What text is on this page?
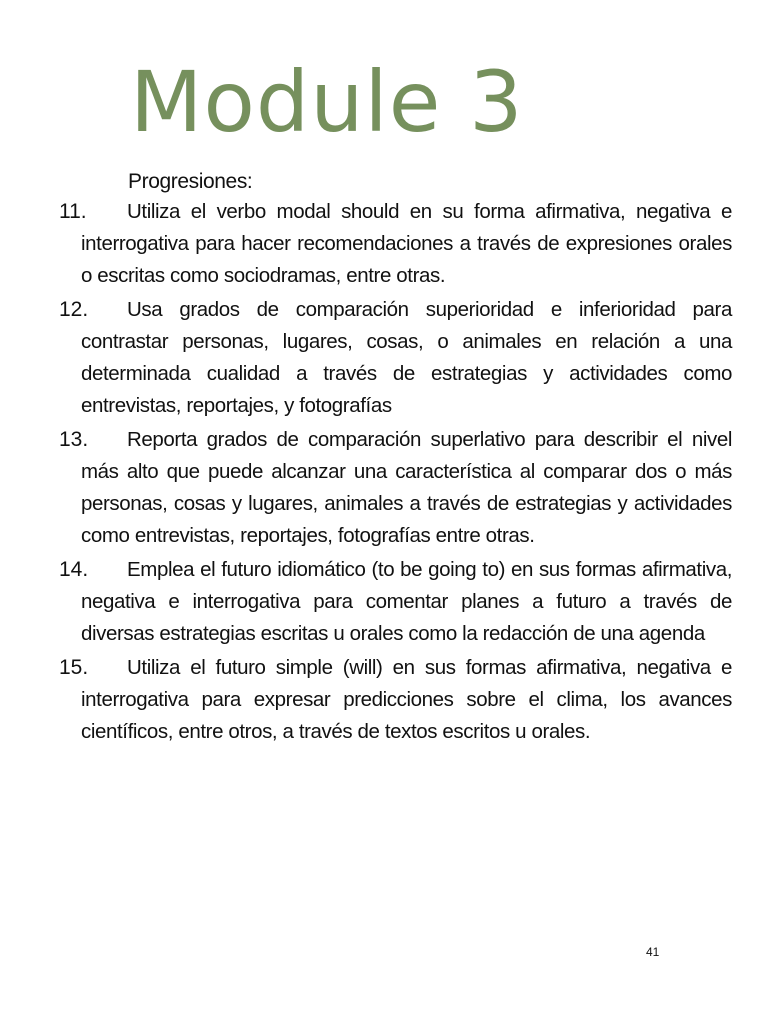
Module 3

Progresiones:

11.	Utiliza el verbo modal should en su forma afirmativa, negativa e interrogativa para hacer recomendaciones a través de expresiones orales o escritas como sociodramas, entre otras.

12.	Usa grados de comparación superioridad e inferioridad para contrastar personas, lugares, cosas, o animales en relación a una determinada cualidad a través de estrategias y actividades como entrevistas, reportajes, y fotografías

13.	Reporta grados de comparación superlativo para describir el nivel más alto que puede alcanzar una característica al comparar dos o más personas, cosas y lugares, animales a través de estrategias y actividades como entrevistas, reportajes, fotografías entre otras.

14.	Emplea el futuro idiomático (to be going to) en sus formas afirmativa, negativa e interrogativa para comentar planes a futuro a través de diversas estrategias escritas u orales como la redacción de una agenda

15.	Utiliza el futuro simple (will) en sus formas afirmativa, negativa e interrogativa para expresar predicciones sobre el clima, los avances científicos, entre otros, a través de textos escritos u orales.

41
